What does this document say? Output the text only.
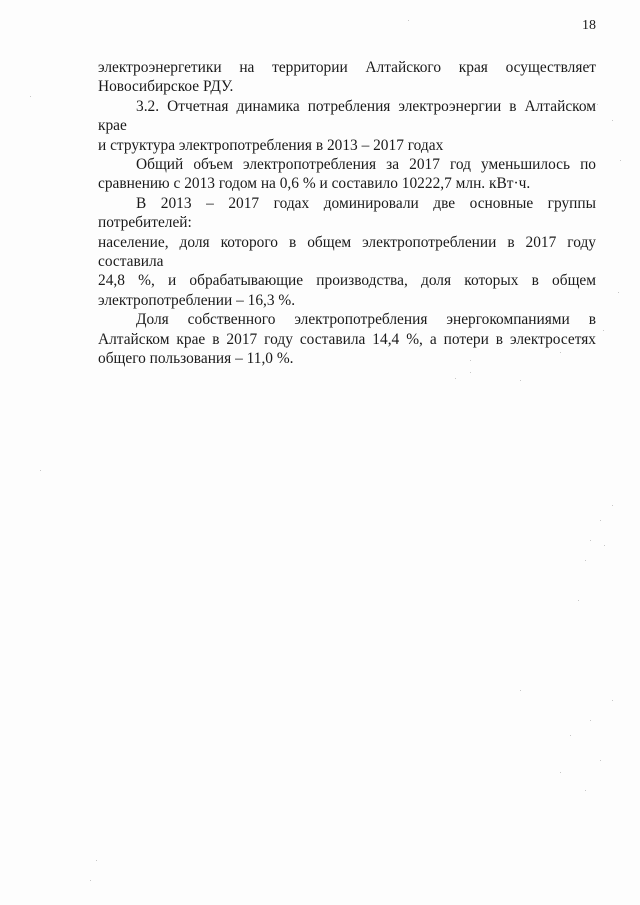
18

электроэнергетики на территории Алтайского края осуществляет
Новосибирское РДУ.

3.2. Отчетная динамика потребления электроэнергии в Алтайском крае
и структура электропотребления в 2013 – 2017 годах

Общий объем электропотребления за 2017 год уменьшилось по
сравнению с 2013 годом на 0,6 % и составило 10222,7 млн. кВт·ч.

В 2013 – 2017 годах доминировали две основные группы потребителей:
население, доля которого в общем электропотреблении в 2017 году составила
24,8 %, и обрабатывающие производства, доля которых в общем
электропотреблении – 16,3 %.

Доля собственного электропотребления энергокомпаниями в
Алтайском крае в 2017 году составила 14,4 %, а потери в электросетях
общего пользования – 11,0 %.
